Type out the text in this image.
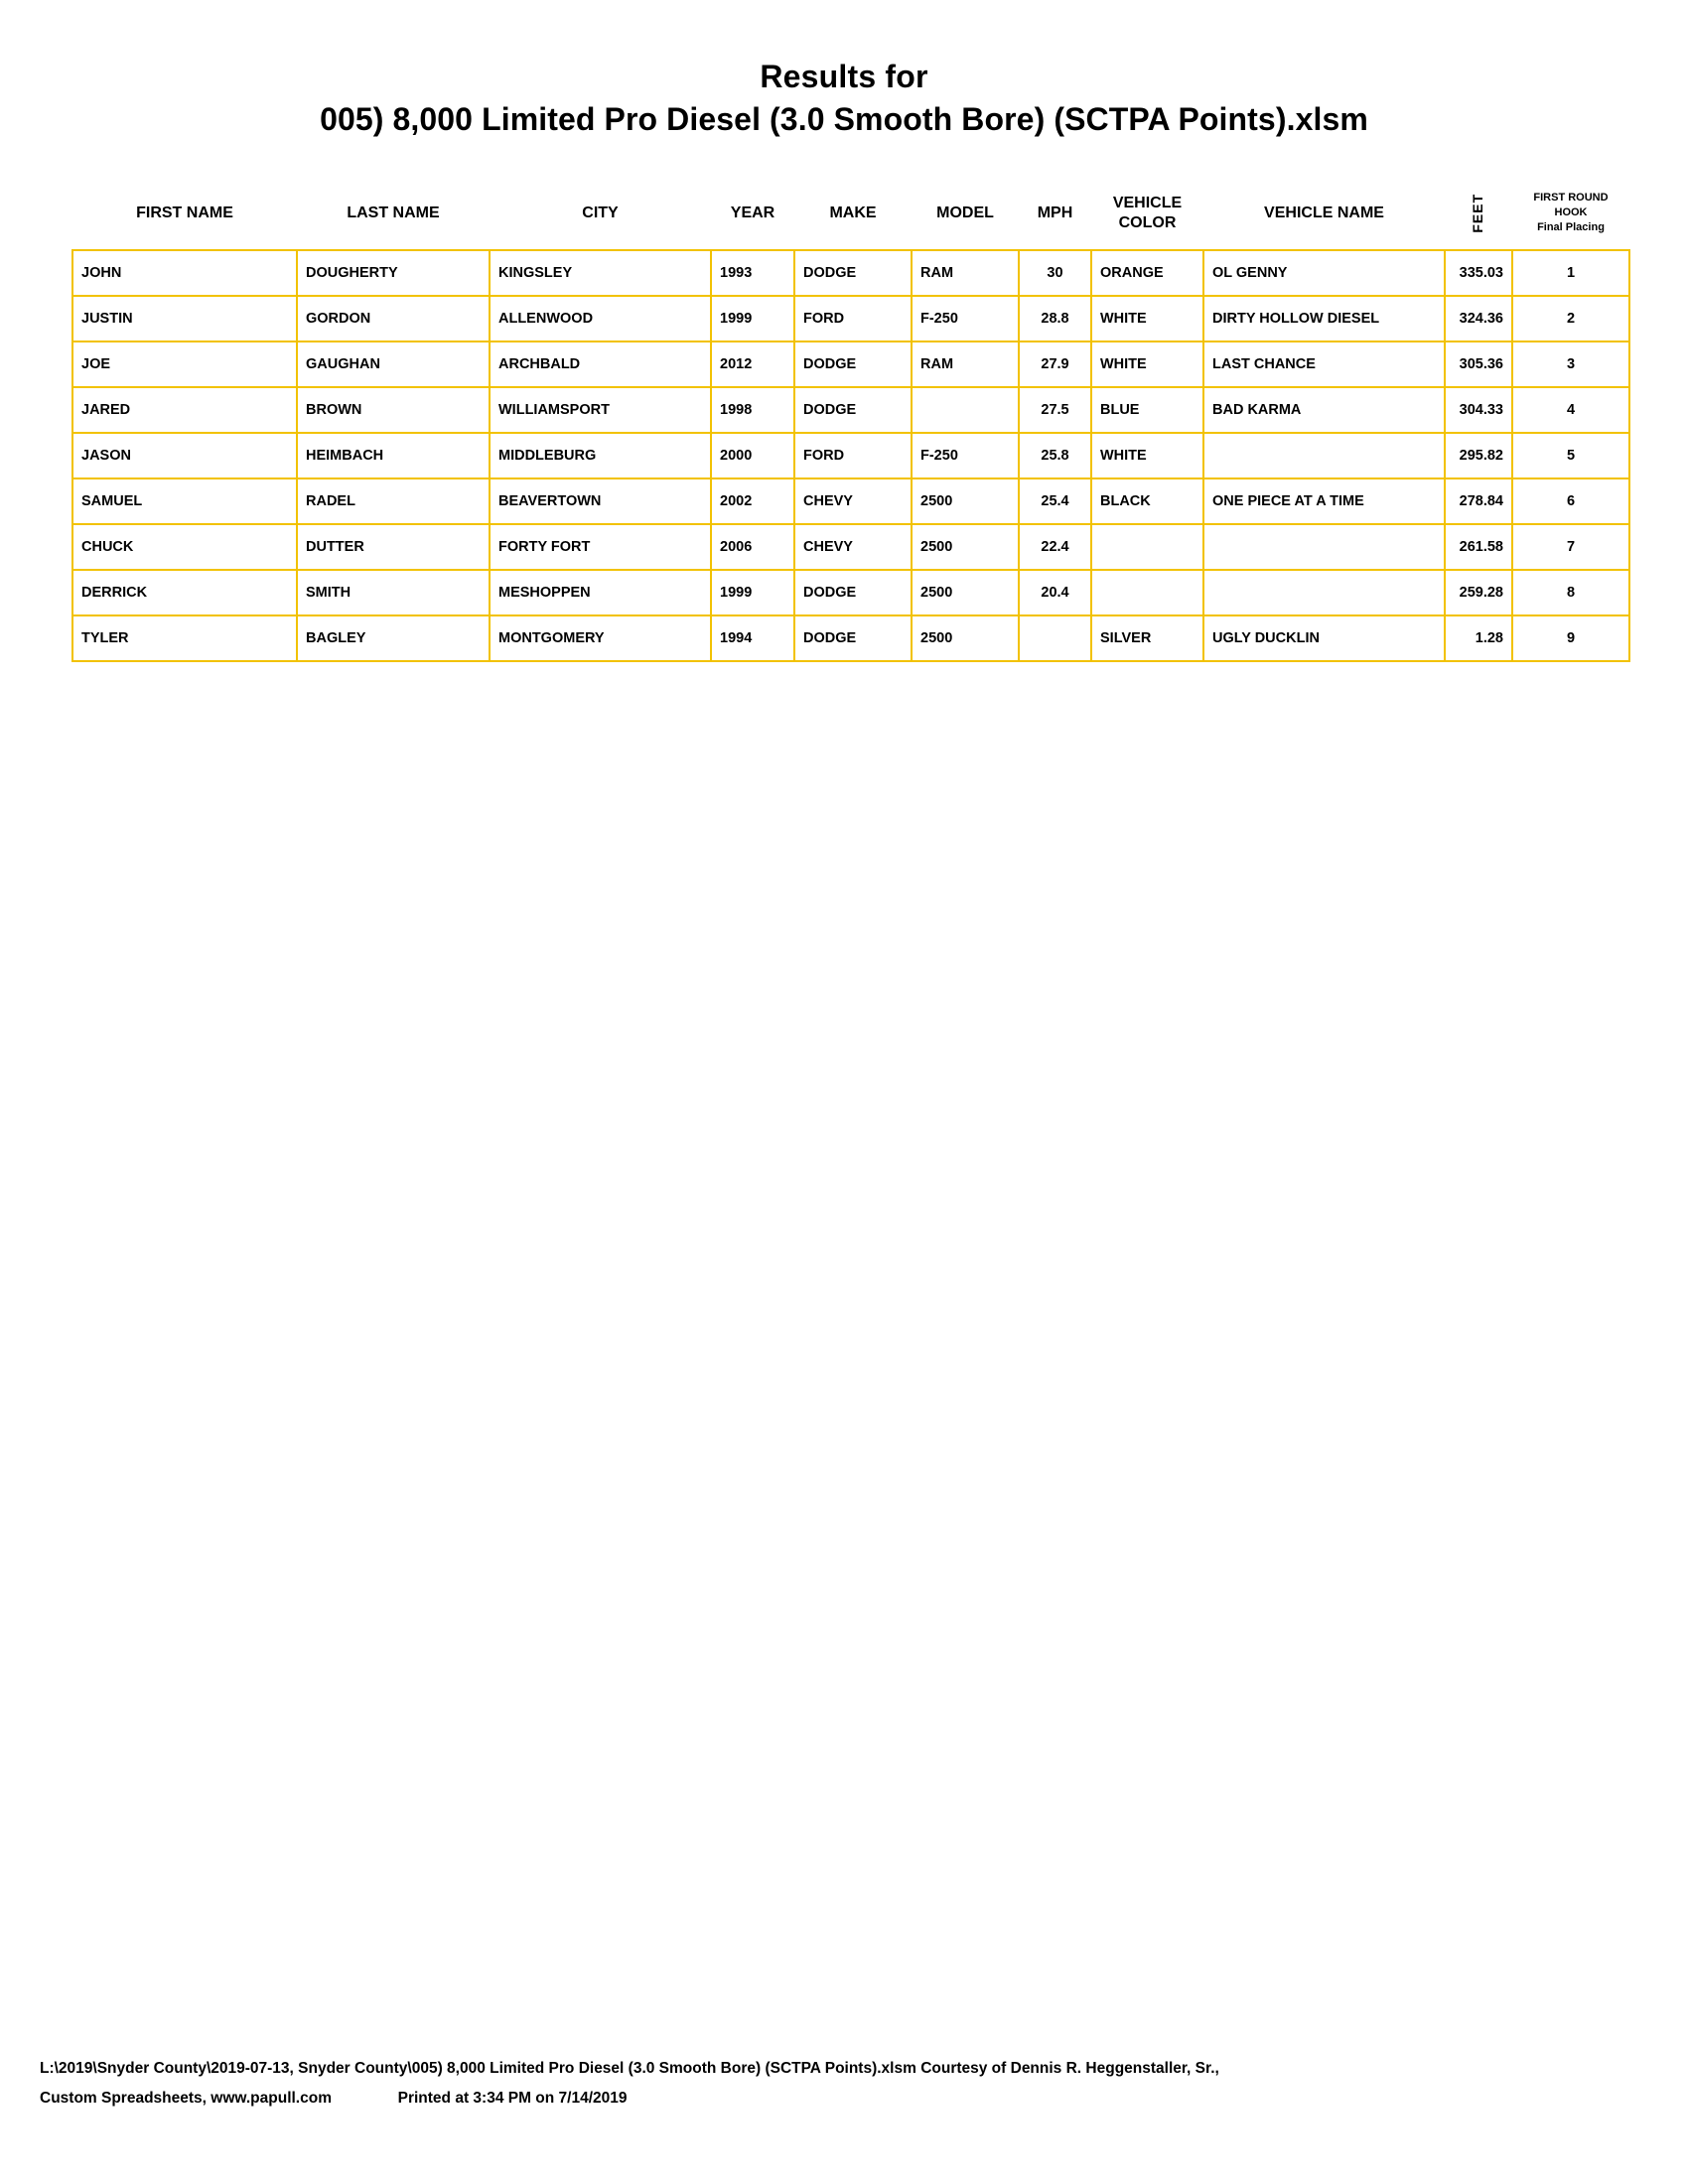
Results for
005) 8,000 Limited Pro Diesel (3.0 Smooth Bore) (SCTPA Points).xlsm
FIRST NAME	LAST NAME	CITY	YEAR	MAKE	MODEL	MPH	VEHICLE COLOR	VEHICLE NAME	FEET	FIRST ROUND HOOK
Final Placing

JOHN	DOUGHERTY	KINGSLEY	1993	DODGE	RAM	30	ORANGE	OL GENNY	335.03	1
JUSTIN	GORDON	ALLENWOOD	1999	FORD	F-250	28.8	WHITE	DIRTY HOLLOW DIESEL	324.36	2
JOE	GAUGHAN	ARCHBALD	2012	DODGE	RAM	27.9	WHITE	LAST CHANCE	305.36	3
JARED	BROWN	WILLIAMSPORT	1998	DODGE		27.5	BLUE	BAD KARMA	304.33	4
JASON	HEIMBACH	MIDDLEBURG	2000	FORD	F-250	25.8	WHITE		295.82	5
SAMUEL	RADEL	BEAVERTOWN	2002	CHEVY	2500	25.4	BLACK	ONE PIECE AT A TIME	278.84	6
CHUCK	DUTTER	FORTY FORT	2006	CHEVY	2500	22.4			261.58	7
DERRICK	SMITH	MESHOPPEN	1999	DODGE	2500	20.4			259.28	8
TYLER	BAGLEY	MONTGOMERY	1994	DODGE	2500		SILVER	UGLY DUCKLIN	1.28	9
L:\2019\Snyder County\2019-07-13, Snyder County\005) 8,000 Limited Pro Diesel (3.0 Smooth Bore) (SCTPA Points).xlsm Courtesy of Dennis R. Heggenstaller, Sr.,
Custom Spreadsheets, www.papull.com	Printed at 3:34 PM on 7/14/2019
